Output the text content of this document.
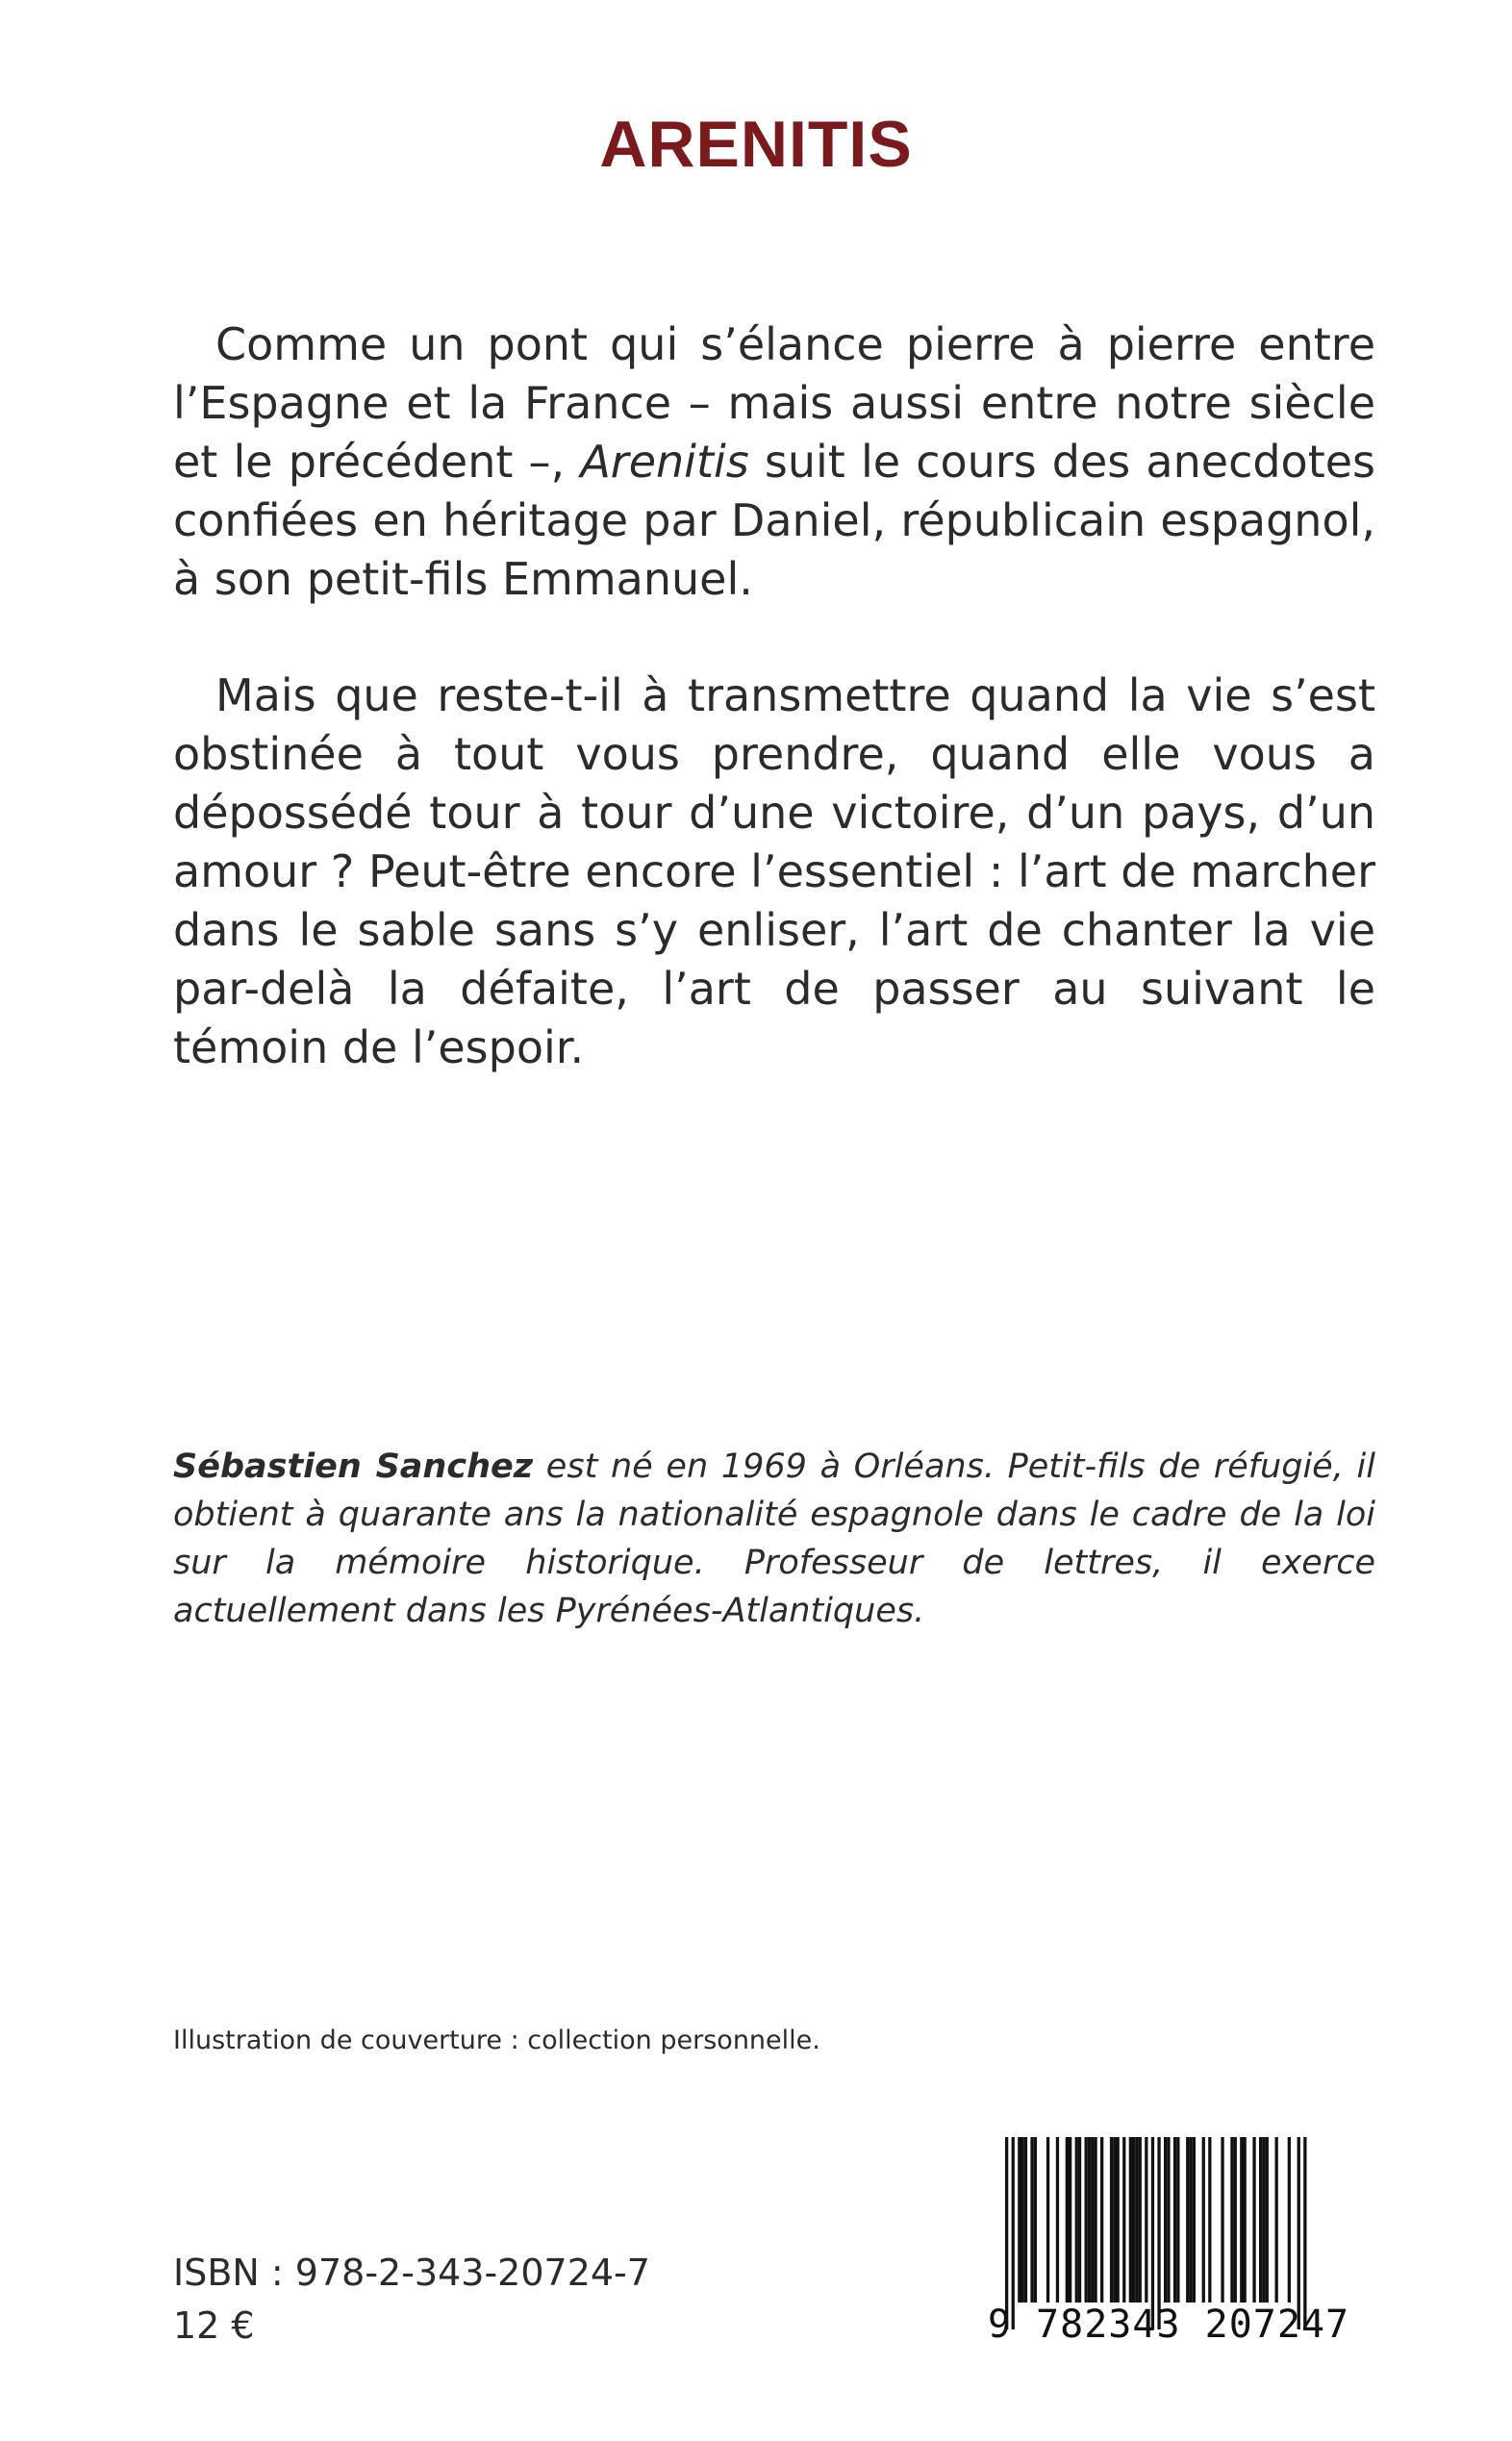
ARENITIS

Comme un pont qui s’élance pierre à pierre entre l’Espagne et la France – mais aussi entre notre siècle et le précédent –, Arenitis suit le cours des anecdotes confiées en héritage par Daniel, républicain espagnol, à son petit-fils Emmanuel.

Mais que reste-t-il à transmettre quand la vie s’est obstinée à tout vous prendre, quand elle vous a dépossédé tour à tour d’une victoire, d’un pays, d’un amour ? Peut-être encore l’essentiel : l’art de marcher dans le sable sans s’y enliser, l’art de chanter la vie par-delà la défaite, l’art de passer au suivant le témoin de l’espoir.

Sébastien Sanchez est né en 1969 à Orléans. Petit-fils de réfugié, il obtient à quarante ans la nationalité espagnole dans le cadre de la loi sur la mémoire historique. Professeur de lettres, il exerce actuellement dans les Pyrénées-Atlantiques.

Illustration de couverture : collection personnelle.
ISBN : 978-2-343-20724-7
12 €	9 782343 207247
